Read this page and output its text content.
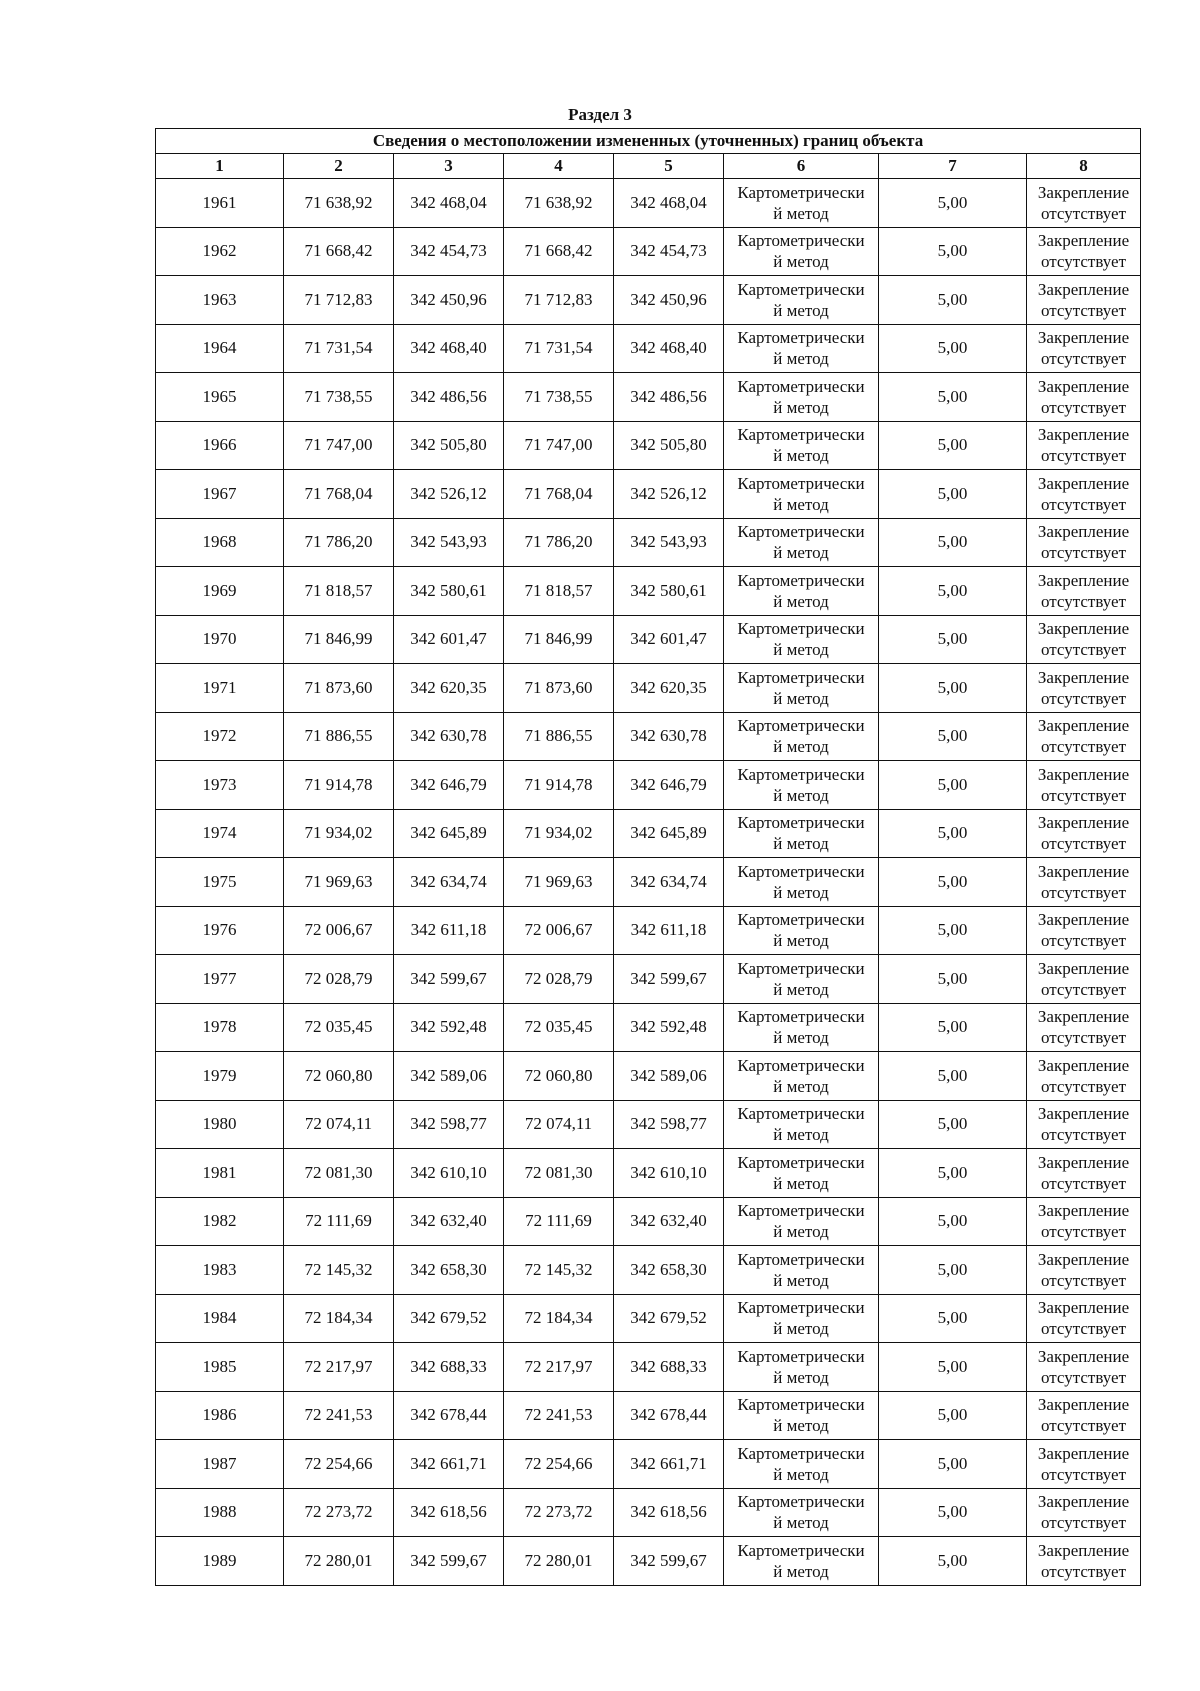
Раздел 3
Сведения о местоположении измененных (уточненных) границ объекта							
1	2	3	4	5	6	7	8
1961	71 638,92	342 468,04	71 638,92	342 468,04	Картометрически
й метод	5,00	Закрепление
отсутствует

1962	71 668,42	342 454,73	71 668,42	342 454,73	Картометрически
й метод	5,00	Закрепление
отсутствует

1963	71 712,83	342 450,96	71 712,83	342 450,96	Картометрически
й метод	5,00	Закрепление
отсутствует

1964	71 731,54	342 468,40	71 731,54	342 468,40	Картометрически
й метод	5,00	Закрепление
отсутствует

1965	71 738,55	342 486,56	71 738,55	342 486,56	Картометрически
й метод	5,00	Закрепление
отсутствует

1966	71 747,00	342 505,80	71 747,00	342 505,80	Картометрически
й метод	5,00	Закрепление
отсутствует

1967	71 768,04	342 526,12	71 768,04	342 526,12	Картометрически
й метод	5,00	Закрепление
отсутствует

1968	71 786,20	342 543,93	71 786,20	342 543,93	Картометрически
й метод	5,00	Закрепление
отсутствует

1969	71 818,57	342 580,61	71 818,57	342 580,61	Картометрически
й метод	5,00	Закрепление
отсутствует

1970	71 846,99	342 601,47	71 846,99	342 601,47	Картометрически
й метод	5,00	Закрепление
отсутствует

1971	71 873,60	342 620,35	71 873,60	342 620,35	Картометрически
й метод	5,00	Закрепление
отсутствует

1972	71 886,55	342 630,78	71 886,55	342 630,78	Картометрически
й метод	5,00	Закрепление
отсутствует

1973	71 914,78	342 646,79	71 914,78	342 646,79	Картометрически
й метод	5,00	Закрепление
отсутствует

1974	71 934,02	342 645,89	71 934,02	342 645,89	Картометрически
й метод	5,00	Закрепление
отсутствует

1975	71 969,63	342 634,74	71 969,63	342 634,74	Картометрически
й метод	5,00	Закрепление
отсутствует

1976	72 006,67	342 611,18	72 006,67	342 611,18	Картометрически
й метод	5,00	Закрепление
отсутствует

1977	72 028,79	342 599,67	72 028,79	342 599,67	Картометрически
й метод	5,00	Закрепление
отсутствует

1978	72 035,45	342 592,48	72 035,45	342 592,48	Картометрически
й метод	5,00	Закрепление
отсутствует

1979	72 060,80	342 589,06	72 060,80	342 589,06	Картометрически
й метод	5,00	Закрепление
отсутствует

1980	72 074,11	342 598,77	72 074,11	342 598,77	Картометрически
й метод	5,00	Закрепление
отсутствует

1981	72 081,30	342 610,10	72 081,30	342 610,10	Картометрически
й метод	5,00	Закрепление
отсутствует

1982	72 111,69	342 632,40	72 111,69	342 632,40	Картометрически
й метод	5,00	Закрепление
отсутствует

1983	72 145,32	342 658,30	72 145,32	342 658,30	Картометрически
й метод	5,00	Закрепление
отсутствует

1984	72 184,34	342 679,52	72 184,34	342 679,52	Картометрически
й метод	5,00	Закрепление
отсутствует

1985	72 217,97	342 688,33	72 217,97	342 688,33	Картометрически
й метод	5,00	Закрепление
отсутствует

1986	72 241,53	342 678,44	72 241,53	342 678,44	Картометрически
й метод	5,00	Закрепление
отсутствует

1987	72 254,66	342 661,71	72 254,66	342 661,71	Картометрически
й метод	5,00	Закрепление
отсутствует

1988	72 273,72	342 618,56	72 273,72	342 618,56	Картометрически
й метод	5,00	Закрепление
отсутствует

1989	72 280,01	342 599,67	72 280,01	342 599,67	Картометрически
й метод	5,00	Закрепление
отсутствует
